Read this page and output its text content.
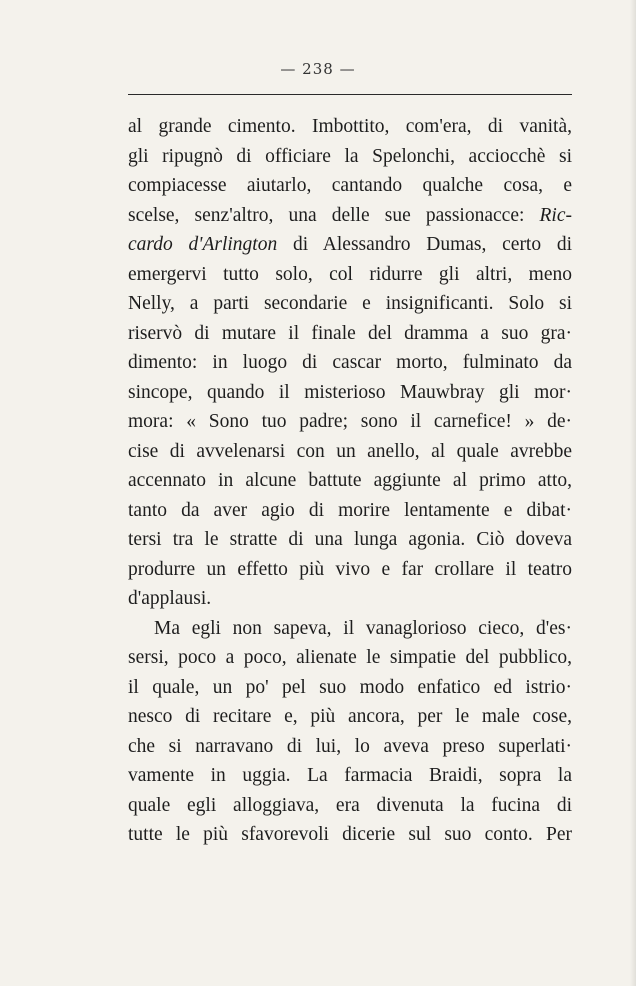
— 238 —

al grande cimento. Imbottito, com'era, di vanità,
gli ripugnò di officiare la Spelonchi, acciocchè si
compiacesse aiutarlo, cantando qualche cosa, e
scelse, senz'altro, una delle sue passionacce: Ric-
cardo d'Arlington di Alessandro Dumas, certo di
emergervi tutto solo, col ridurre gli altri, meno
Nelly, a parti secondarie e insignificanti. Solo si
riservò di mutare il finale del dramma a suo gra·
dimento: in luogo di cascar morto, fulminato da
sincope, quando il misterioso Mauwbray gli mor·
mora: « Sono tuo padre; sono il carnefice! » de·
cise di avvelenarsi con un anello, al quale avrebbe
accennato in alcune battute aggiunte al primo atto,
tanto da aver agio di morire lentamente e dibat·
tersi tra le stratte di una lunga agonia. Ciò doveva
produrre un effetto più vivo e far crollare il teatro
d'applausi.

Ma egli non sapeva, il vanaglorioso cieco, d'es·
sersi, poco a poco, alienate le simpatie del pubblico,
il quale, un po' pel suo modo enfatico ed istrio·
nesco di recitare e, più ancora, per le male cose,
che si narravano di lui, lo aveva preso superlati·
vamente in uggia. La farmacia Braidi, sopra la
quale egli alloggiava, era divenuta la fucina di
tutte le più sfavorevoli dicerie sul suo conto. Per
